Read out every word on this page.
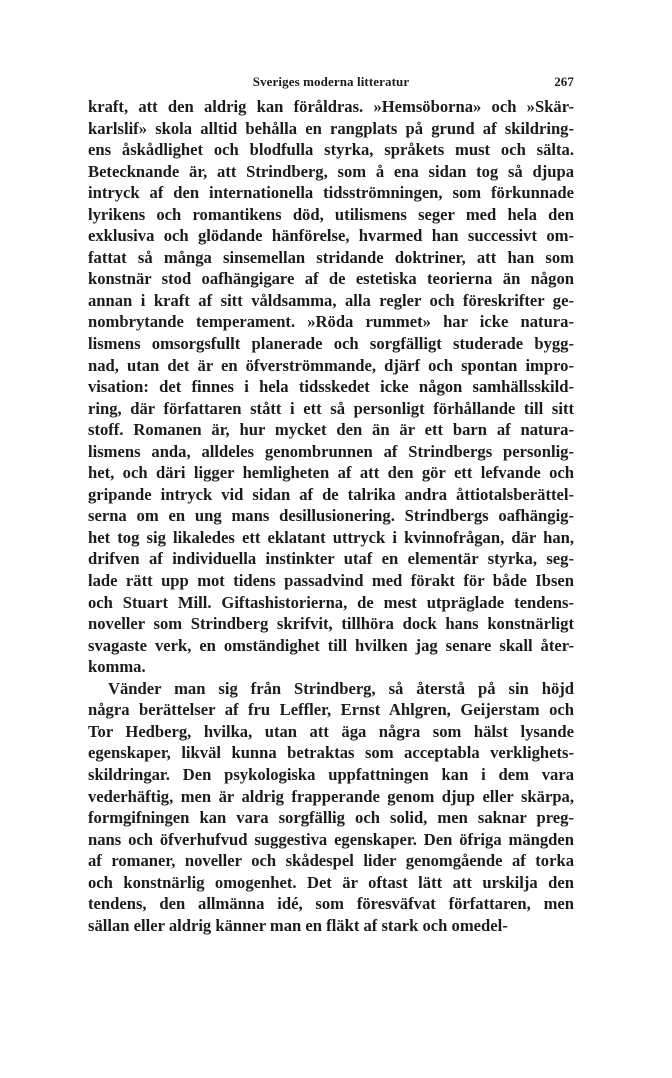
Sveriges moderna litteratur	267
kraft, att den aldrig kan föråldras. »Hemsöborna» och »Skär-
karlslif» skola alltid behålla en rangplats på grund af skildring-
ens åskådlighet och blodfulla styrka, språkets must och sälta.
Betecknande är, att Strindberg, som å ena sidan tog så djupa
intryck af den internationella tidsströmningen, som förkunnade
lyrikens och romantikens död, utilismens seger med hela den
exklusiva och glödande hänförelse, hvarmed han successivt om-
fattat så många sinsemellan stridande doktriner, att han som
konstnär stod oafhängigare af de estetiska teorierna än någon
annan i kraft af sitt våldsamma, alla regler och föreskrifter ge-
nombrytande temperament. »Röda rummet» har icke natura-
lismens omsorgsfullt planerade och sorgfälligt studerade bygg-
nad, utan det är en öfverströmmande, djärf och spontan impro-
visation: det finnes i hela tidsskedet icke någon samhällsskild-
ring, där författaren stått i ett så personligt förhållande till sitt
stoff. Romanen är, hur mycket den än är ett barn af natura-
lismens anda, alldeles genombrunnen af Strindbergs personlig-
het, och däri ligger hemligheten af att den gör ett lefvande och
gripande intryck vid sidan af de talrika andra åttiotalsberättel-
serna om en ung mans desillusionering. Strindbergs oafhängig-
het tog sig likaledes ett eklatant uttryck i kvinnofrågan, där han,
drifven af individuella instinkter utaf en elementär styrka, seg-
lade rätt upp mot tidens passadvind med förakt för både Ibsen
och Stuart Mill. Giftashistorierna, de mest utpräglade tendens-
noveller som Strindberg skrifvit, tillhöra dock hans konstnärligt
svagaste verk, en omständighet till hvilken jag senare skall åter-
komma.
Vänder man sig från Strindberg, så återstå på sin höjd
några berättelser af fru Leffler, Ernst Ahlgren, Geijerstam och
Tor Hedberg, hvilka, utan att äga några som hälst lysande
egenskaper, likväl kunna betraktas som acceptabla verklighets-
skildringar. Den psykologiska uppfattningen kan i dem vara
vederhäftig, men är aldrig frapperande genom djup eller skärpa,
formgifningen kan vara sorgfällig och solid, men saknar preg-
nans och öfverhufvud suggestiva egenskaper. Den öfriga mängden
af romaner, noveller och skådespel lider genomgående af torka
och konstnärlig omogenhet. Det är oftast lätt att urskilja den
tendens, den allmänna idé, som föresväfvat författaren, men
sällan eller aldrig känner man en fläkt af stark och omedel-
